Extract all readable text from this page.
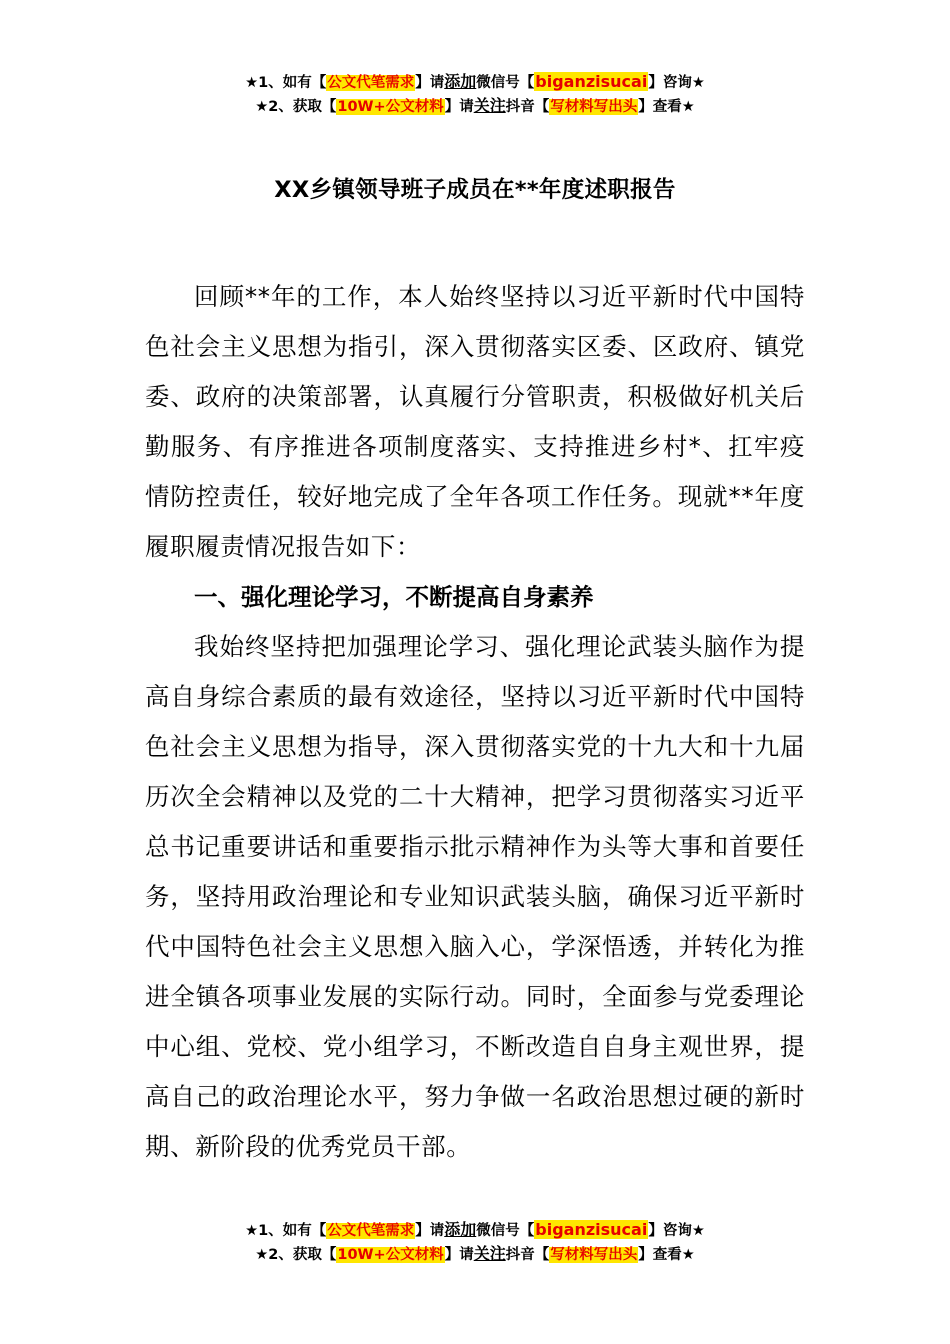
★1、如有【公文代笔需求】请添加微信号【biganzisucai】咨询★
★2、获取【10W+公文材料】请关注抖音【写材料写出头】查看★
XX乡镇领导班子成员在**年度述职报告

回顾**年的工作，本人始终坚持以习近平新时代中国特色社会主义思想为指引，深入贯彻落实区委、区政府、镇党委、政府的决策部署，认真履行分管职责，积极做好机关后勤服务、有序推进各项制度落实、支持推进乡村*、扛牢疫情防控责任，较好地完成了全年各项工作任务。现就**年度履职履责情况报告如下：

一、强化理论学习，不断提高自身素养

我始终坚持把加强理论学习、强化理论武装头脑作为提高自身综合素质的最有效途径，坚持以习近平新时代中国特色社会主义思想为指导，深入贯彻落实党的十九大和十九届历次全会精神以及党的二十大精神，把学习贯彻落实习近平总书记重要讲话和重要指示批示精神作为头等大事和首要任务，坚持用政治理论和专业知识武装头脑，确保习近平新时代中国特色社会主义思想入脑入心，学深悟透，并转化为推进全镇各项事业发展的实际行动。同时，全面参与党委理论中心组、党校、党小组学习，不断改造自自身主观世界，提高自己的政治理论水平，努力争做一名政治思想过硬的新时期、新阶段的优秀党员干部。

★1、如有【公文代笔需求】请添加微信号【biganzisucai】咨询★
★2、获取【10W+公文材料】请关注抖音【写材料写出头】查看★
